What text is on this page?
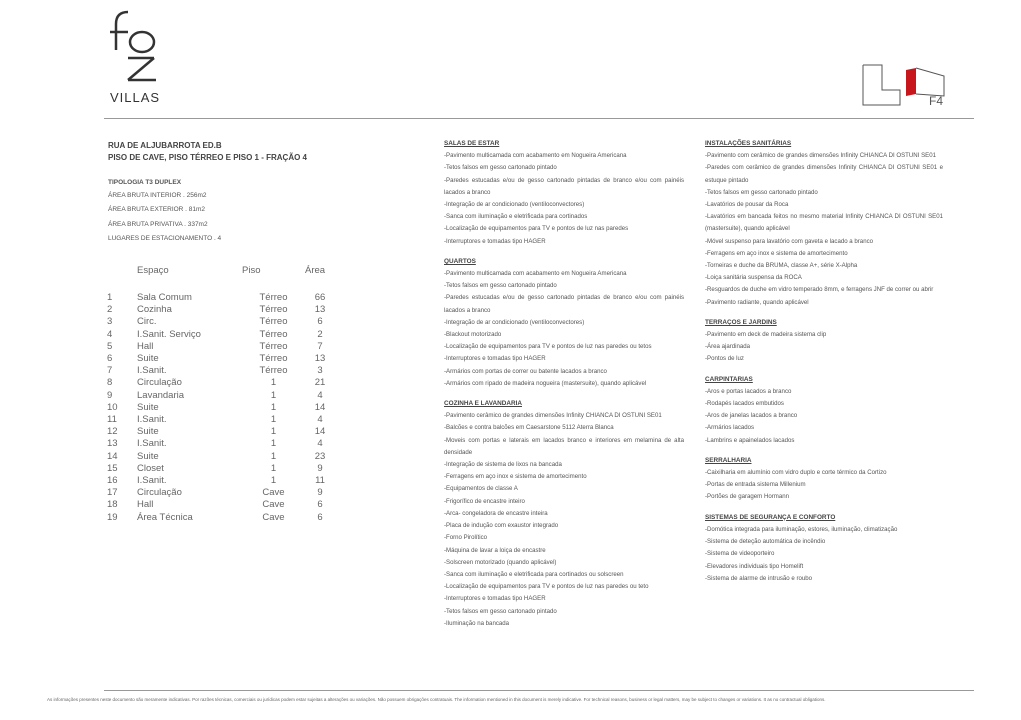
VILLAS	F4
RUA DE ALJUBARROTA ED.B
PISO DE CAVE, PISO TÉRREO E PISO 1 - FRAÇÃO 4
TIPOLOGIA T3 DUPLEX
ÁREA BRUTA INTERIOR . 256m2
ÁREA BRUTA EXTERIOR . 81m2
ÁREA BRUTA PRIVATIVA . 337m2
LUGARES DE ESTACIONAMENTO . 4
	Espaço	Piso	Área
1	Sala Comum	Térreo	66
2	Cozinha	Térreo	13
3	Circ.	Térreo	6
4	I.Sanit. Serviço	Térreo	2
5	Hall	Térreo	7
6	Suite	Térreo	13
7	I.Sanit.	Térreo	3
8	Circulação	1	21
9	Lavandaria	1	4
10	Suite	1	14
11	I.Sanit.	1	4
12	Suite	1	14
13	I.Sanit.	1	4
14	Suite	1	23
15	Closet	1	9
16	I.Sanit.	1	11
17	Circulação	Cave	9
18	Hall	Cave	6
19	Área Técnica	Cave	6
SALAS DE ESTAR
-Pavimento multicamada com acabamento em Nogueira Americana
-Tetos falsos em gesso cartonado pintado
-Paredes estucadas e/ou de gesso cartonado pintadas de branco e/ou com painéis lacados a branco
-Integração de ar condicionado (ventiloconvectores)
-Sanca com iluminação e eletrificada para cortinados
-Localização de equipamentos para TV e pontos de luz nas paredes
-Interruptores e tomadas tipo HAGER
QUARTOS
-Pavimento multicamada com acabamento em Nogueira Americana
-Tetos falsos em gesso cartonado pintado
-Paredes estucadas e/ou de gesso cartonado pintadas de branco e/ou com painéis lacados a branco
-Integração de ar condicionado (ventiloconvectores)
-Blackout motorizado
-Localização de equipamentos para TV e pontos de luz nas paredes ou tetos
-Interruptores e tomadas tipo HAGER
-Armários com portas de correr ou batente lacados a branco
-Armários com ripado de madeira nogueira (mastersuite), quando aplicável
COZINHA E LAVANDARIA
-Pavimento cerâmico de grandes dimensões Infinity CHIANCA DI OSTUNI SE01
-Balcões e contra balcões em Caesarstone 5112 Aterra Blanca
-Moveis com portas e laterais em lacados branco e interiores em melamina de alta densidade
-Integração de sistema de lixos na bancada
-Ferragens em aço inox e sistema de amortecimento
-Equipamentos de classe A
-Frigorífico de encastre inteiro
-Arca- congeladora de encastre inteira
-Placa de indução com exaustor integrado
-Forno Pirolítico
-Máquina de lavar a loiça de encastre
-Solscreen motorizado (quando aplicável)
-Sanca com iluminação e eletrificada para cortinados ou solscreen
-Localização de equipamentos para TV e pontos de luz nas paredes ou teto
-Interruptores e tomadas tipo HAGER
-Tetos falsos em gesso cartonado pintado
-Iluminação na bancada
INSTALAÇÕES SANITÁRIAS
-Pavimento com cerâmico de grandes dimensões Infinity CHIANCA DI OSTUNI SE01
-Paredes com cerâmico de grandes dimensões Infinity CHIANCA DI OSTUNI SE01 e estuque pintado
-Tetos falsos em gesso cartonado pintado
-Lavatórios de pousar da Roca
-Lavatórios em bancada feitos no mesmo material Infinity CHIANCA DI OSTUNI SE01 (mastersuite), quando aplicável
-Móvel suspenso para lavatório com gaveta e lacado a branco
-Ferragens em aço inox e sistema de amortecimento
-Torneiras e duche da BRUMA, classe A+, série X-Alpha
-Loiça sanitária suspensa da ROCA
-Resguardos de duche em vidro temperado 8mm, e ferragens JNF de correr ou abrir
-Pavimento radiante, quando aplicável
TERRAÇOS E JARDINS
-Pavimento em deck de madeira sistema clip
-Área ajardinada
-Pontos de luz
CARPINTARIAS
-Aros e portas lacados a branco
-Rodapés lacados embutidos
-Aros de janelas lacados a branco
-Armários lacados
-Lambrins e apainelados lacados
SERRALHARIA
-Caixilharia em alumínio com vidro duplo e corte térmico da Cortizo
-Portas de entrada sistema Millenium
-Portões de garagem Hormann
SISTEMAS DE SEGURANÇA E CONFORTO
-Domótica integrada para iluminação, estores, iluminação, climatização
-Sistema de deteção automática de incêndio
-Sistema de videoporteiro
-Elevadores individuais tipo Homelift
-Sistema de alarme de intrusão e roubo
As informações presentes neste documento são meramente indicativas. Por razões técnicas, comerciais ou jurídicas podem estar sujeitas a alterações ou variações. Não possuem obrigações contratuais. The information mentioned in this document is merely indicative. For technical reasons, business or legal matters, may be subject to changes or variations. It as no contractual obligations.
